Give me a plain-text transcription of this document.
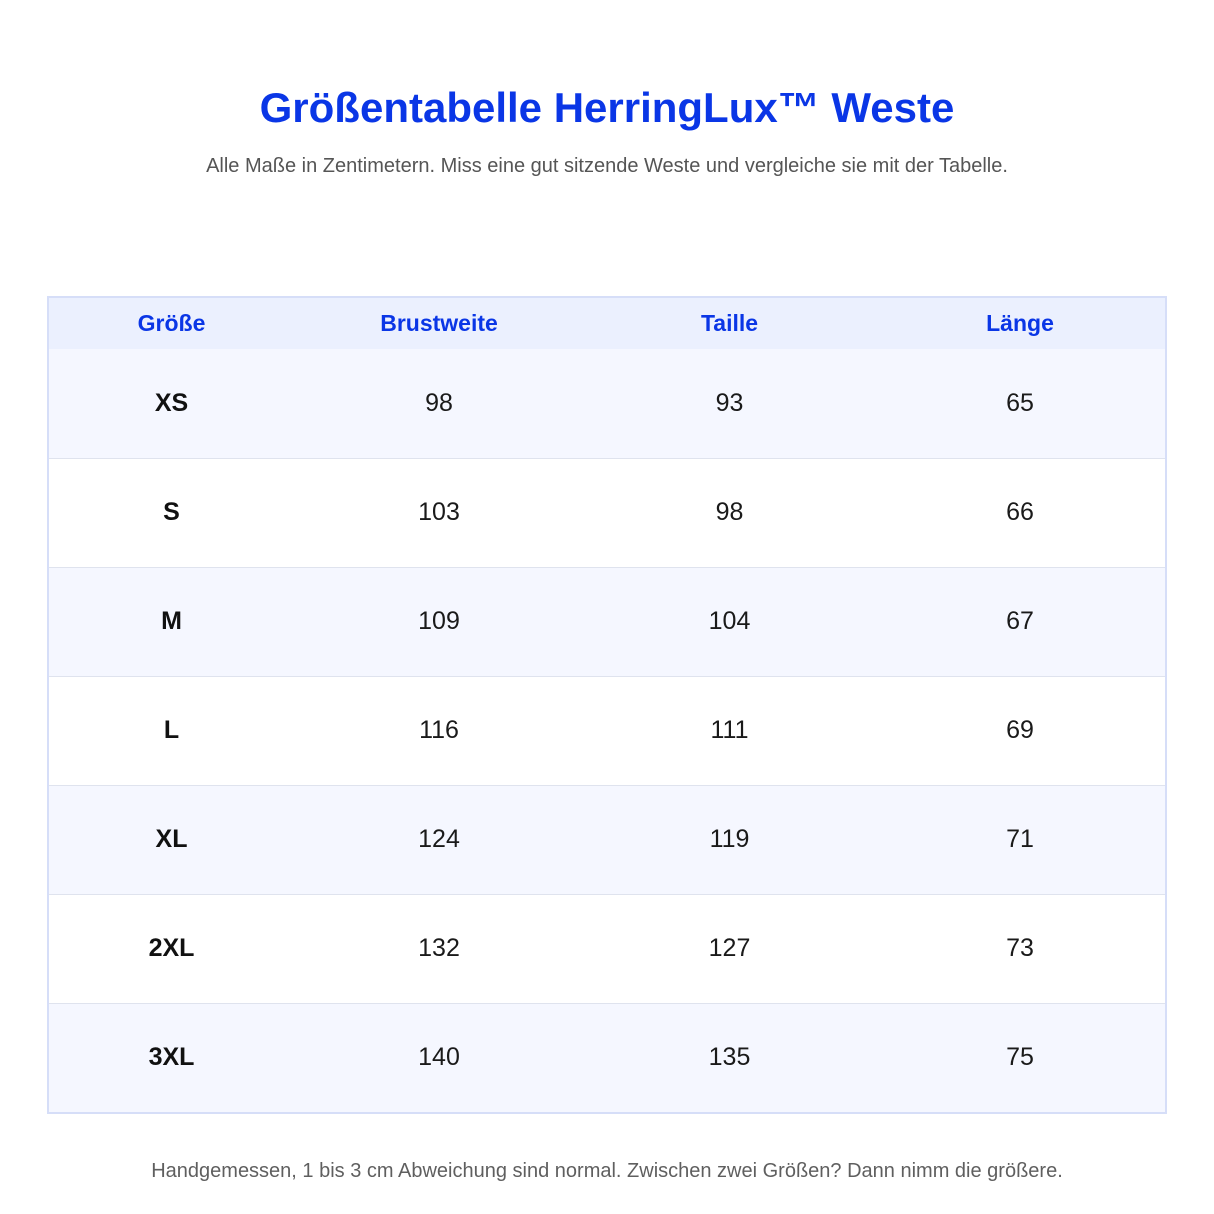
Größentabelle HerringLux™ Weste

Alle Maße in Zentimetern. Miss eine gut sitzende Weste und vergleiche sie mit der Tabelle.

Größe	Brustweite	Taille	Länge
XS	98	93	65
S	103	98	66
M	109	104	67
L	116	111	69
XL	124	119	71
2XL	132	127	73
3XL	140	135	75

Handgemessen, 1 bis 3 cm Abweichung sind normal. Zwischen zwei Größen? Dann nimm die größere.
